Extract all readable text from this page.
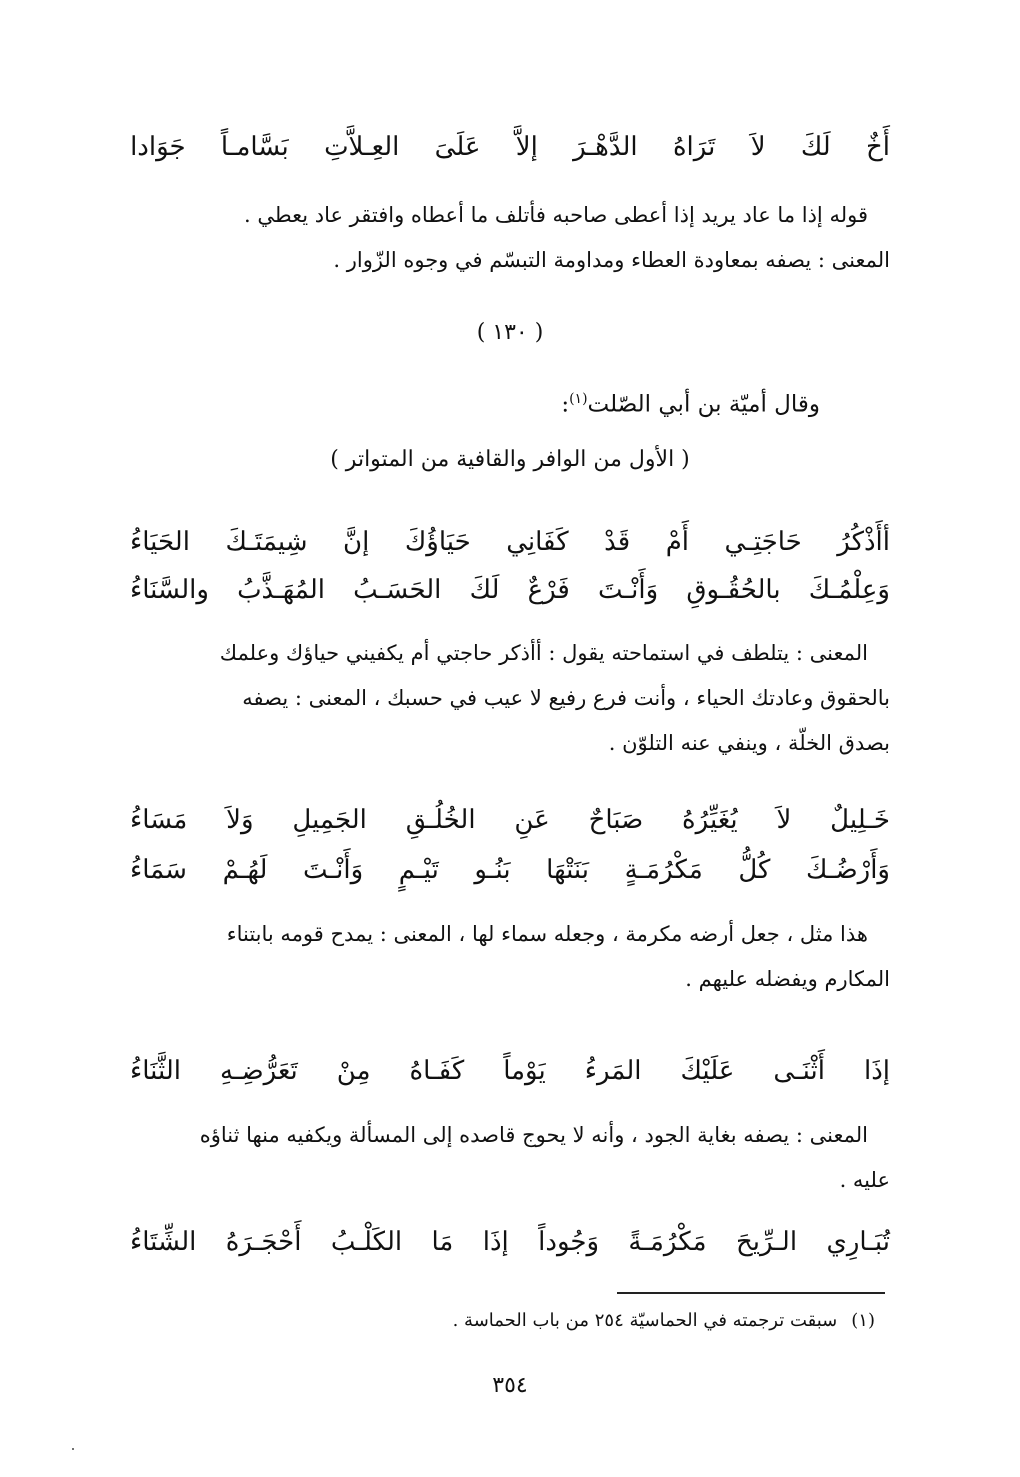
أَخٌ
لَكَ
لاَ
تَرَاهُ
الدَّهْـرَ
إلاَّ
عَلَىَ
العِـلاَّتِ
بَسَّامـاً
جَوَادا
قوله إذا ما عاد يريد إذا أعطى صاحبه فأتلف ما أعطاه وافتقر عاد يعطي .
المعنى : يصفه بمعاودة العطاء ومداومة التبسّم في وجوه الزّوار .
( ١٣٠ )
وقال أميّة بن أبي الصّلت$^{(١)}$:
( الأول من الوافر والقافية من المتواتر )
أأَذْكُرُ
حَاجَتِـي
أَمْ
قَدْ
كَفَانِي
حَيَاؤُكَ
إنَّ
شِيمَتَـكَ
الحَيَاءُ
وَعِلْمُـكَ
بالحُقُـوقِ
وَأَنْـتَ
فَرْعٌ
لَكَ
الحَسَـبُ
المُهَـذَّبُ
والسَّنَاءُ
المعنى : يتلطف في استماحته يقول : أأذكر حاجتي أم يكفيني حياؤك وعلمك
بالحقوق وعادتك الحياء ، وأنت فرع رفيع لا عيب في حسبك ، المعنى : يصفه
بصدق الخلّة ، وينفي عنه التلوّن .
خَـلِيلٌ
لاَ
يُغَيِّرُهُ
صَبَاحٌ
عَنِ
الخُلُـقِ
الجَمِيلِ
وَلاَ
مَسَاءُ
وَأَرْضُـكَ
كُلُّ
مَكْرُمَـةٍ
بَنَتْهَا
بَنُـو
تَيْـمٍ
وَأَنْـتَ
لَهُـمْ
سَمَاءُ
هذا مثل ، جعل أرضه مكرمة ، وجعله سماء لها ، المعنى : يمدح قومه بابتناء
المكارم ويفضله عليهم .
إذَا
أَثْنَـى
عَلَيْكَ
المَرءُ
يَوْماً
كَفَـاهُ
مِنْ
تَعَرُّضِـهِ
الثَّنَاءُ
المعنى : يصفه بغاية الجود ، وأنه لا يحوج قاصده إلى المسألة ويكفيه منها ثناؤه
عليه .
تُبَـارِي
الـرِّيحَ
مَكْرُمَـةً
وَجُوداً
إذَا
مَا
الكَلْـبُ
أَحْجَـرَهُ
الشِّتَاءُ
(١)سبقت ترجمته في الحماسيّة ٢٥٤ من باب الحماسة .
٣٥٤
